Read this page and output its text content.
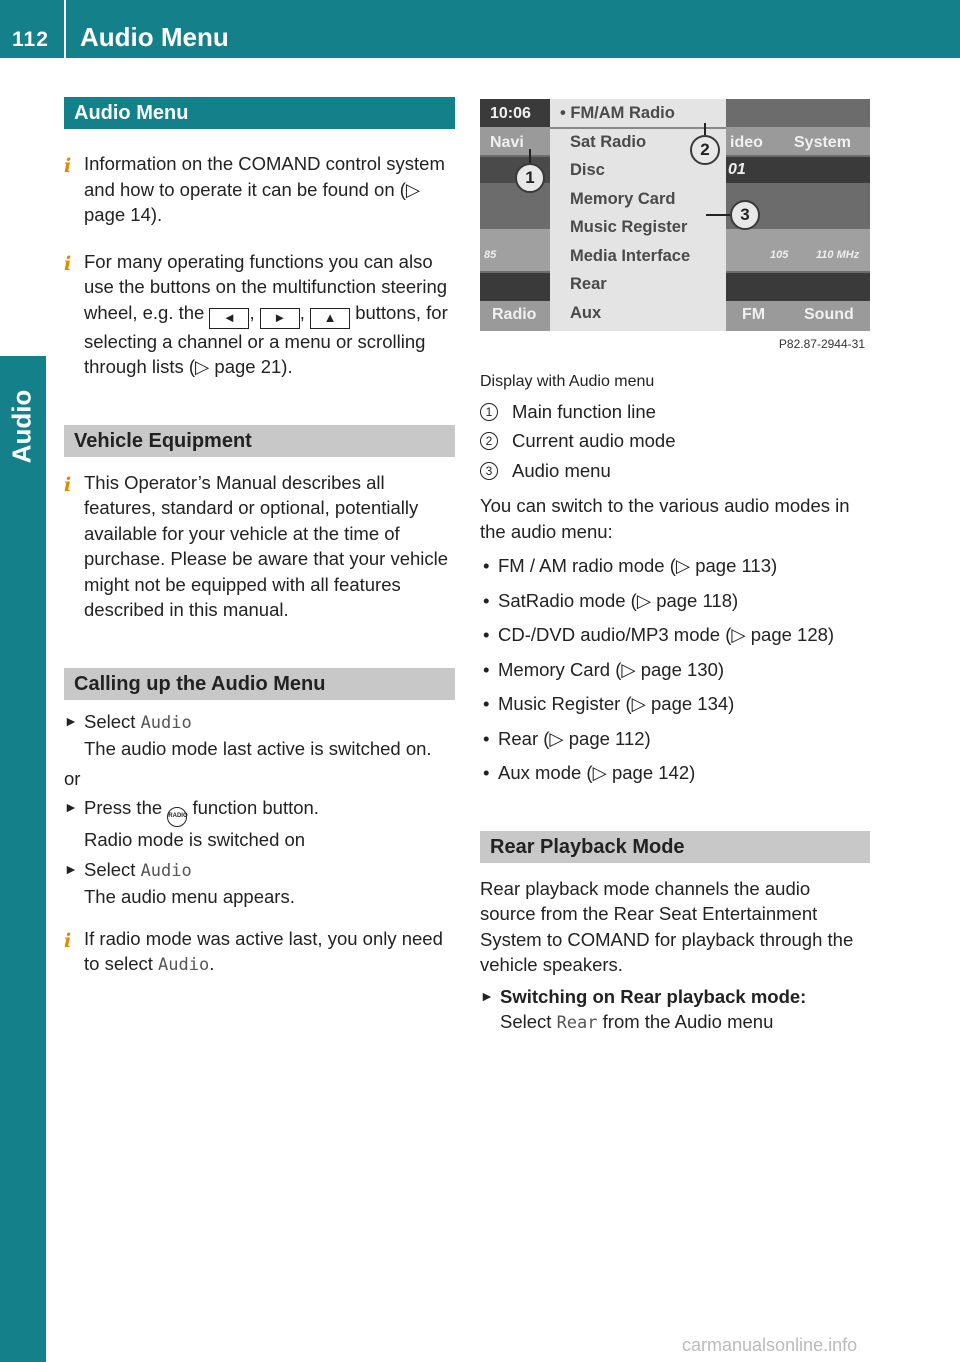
112 Audio Menu
Audio
Audio Menu
i Information on the COMAND control system and how to operate it can be found on (▷ page 14).
i For many operating functions you can also use the buttons on the multifunction steering wheel, e.g. the ◄ , ► , ▲ buttons, for selecting a channel or a menu or scrolling through lists (▷ page 21).
Vehicle Equipment
i This Operator’s Manual describes all features, standard or optional, potentially available for your vehicle at the time of purchase. Please be aware that your vehicle might not be equipped with all features described in this manual.
Calling up the Audio Menu
► Select Audio
The audio mode last active is switched on.
or
► Press the RADIO function button.
Radio mode is switched on
► Select Audio
The audio menu appears.
i If radio mode was active last, you only need to select Audio.
10:06
Navi	ideo System
01
85	105	110 MHz
Radio	FM Sound
• FM/AM Radio
Sat Radio
Disc
Memory Card
Music Register
Media Interface
Rear
Aux
1
2
3
P82.87-2944-31
Display with Audio menu
1	Main function line
2	Current audio mode
3	Audio menu
You can switch to the various audio modes in the audio menu:
• FM / AM radio mode (▷ page 113)
• SatRadio mode (▷ page 118)
• CD-/DVD audio/MP3 mode (▷ page 128)
• Memory Card (▷ page 130)
• Music Register (▷ page 134)
• Rear (▷ page 112)
• Aux mode (▷ page 142)
Rear Playback Mode
Rear playback mode channels the audio source from the Rear Seat Entertainment System to COMAND for playback through the vehicle speakers.
► Switching on Rear playback mode:
Select Rear from the Audio menu
carmanualsonline.info
